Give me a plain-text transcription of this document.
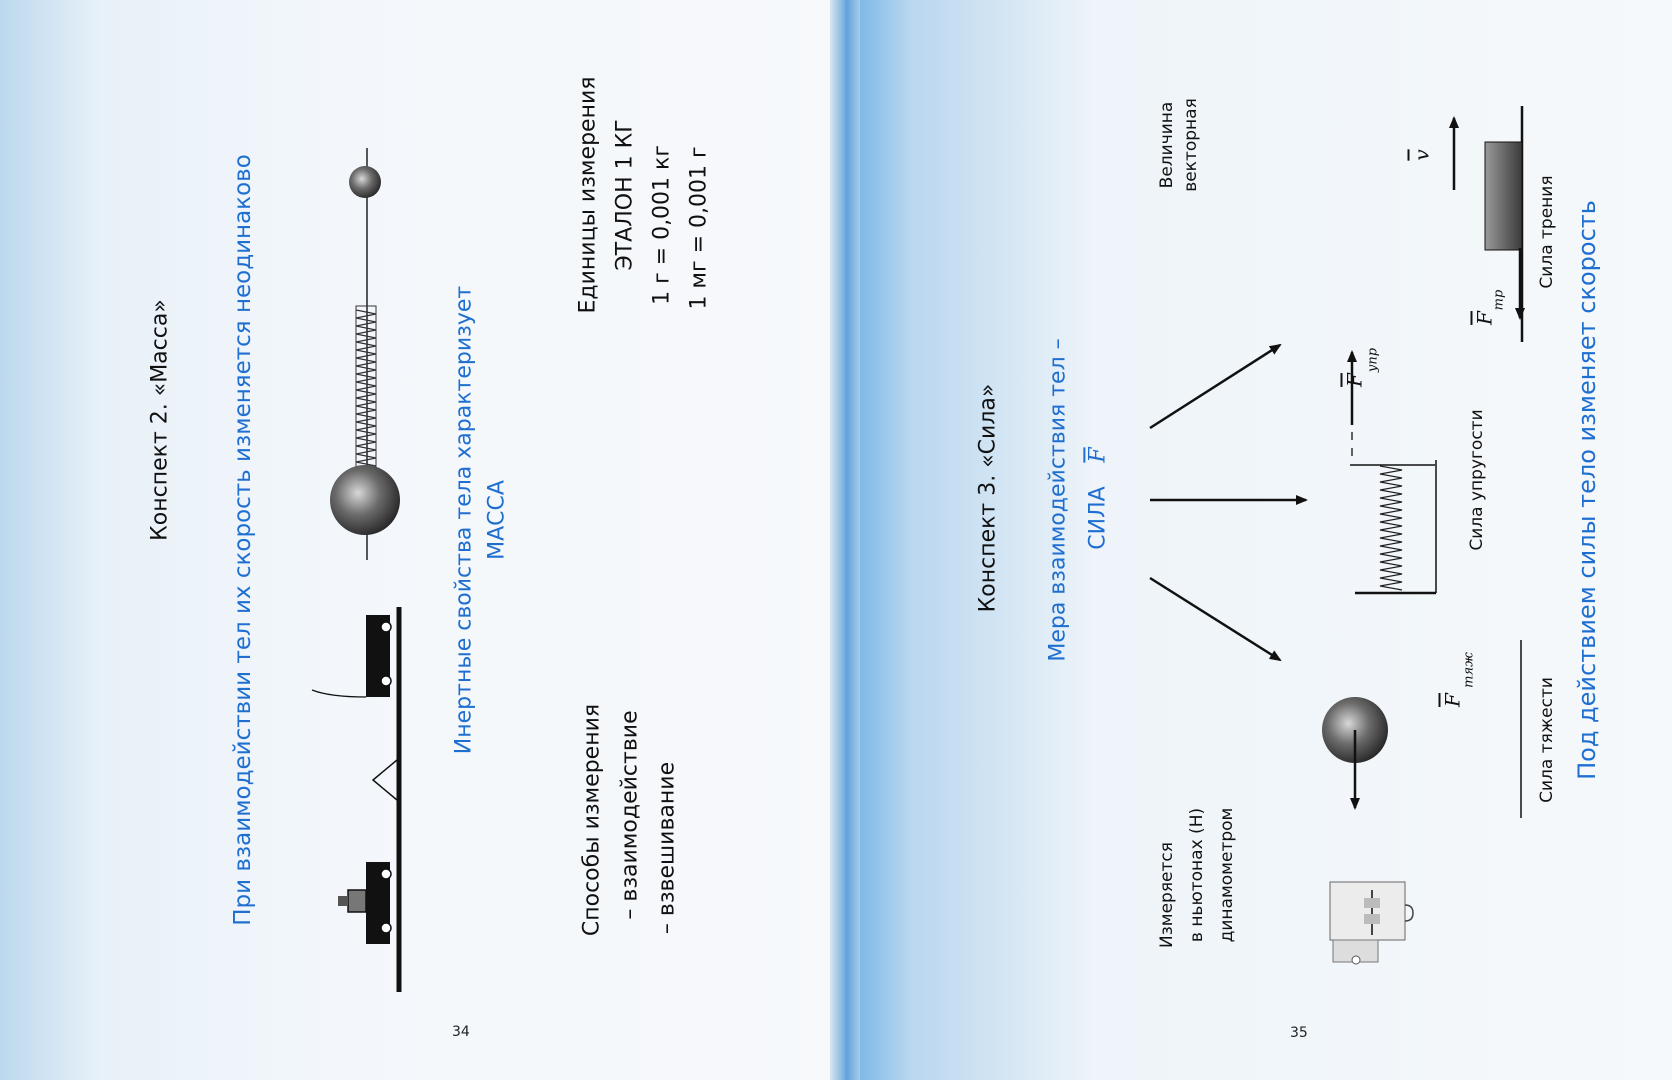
Конспект 2. «Масса» При взаимодействии тел их скорость изменяется неодинаково	Инертные свойства тела характеризует МАССА
Единицы измерения ЭТАЛОН 1 КГ 1 г = 0,001 кг 1 мг = 0,001 г
Способы измерения – взаимодействие – взвешивание
34
Конспект 3. «Сила» Мера взаимодействия тел – СИЛА
$\overline{F}$
Величина векторная
Сила упругости
$\overline{F}$
упр
Сила трения
$\overline{F}$
тр
$\overline{v}$
Сила тяжести
$\overline{F}$
тяж
Измеряется в ньютонах (Н) динамометром
Под действием силы тело изменяет скорость
35
